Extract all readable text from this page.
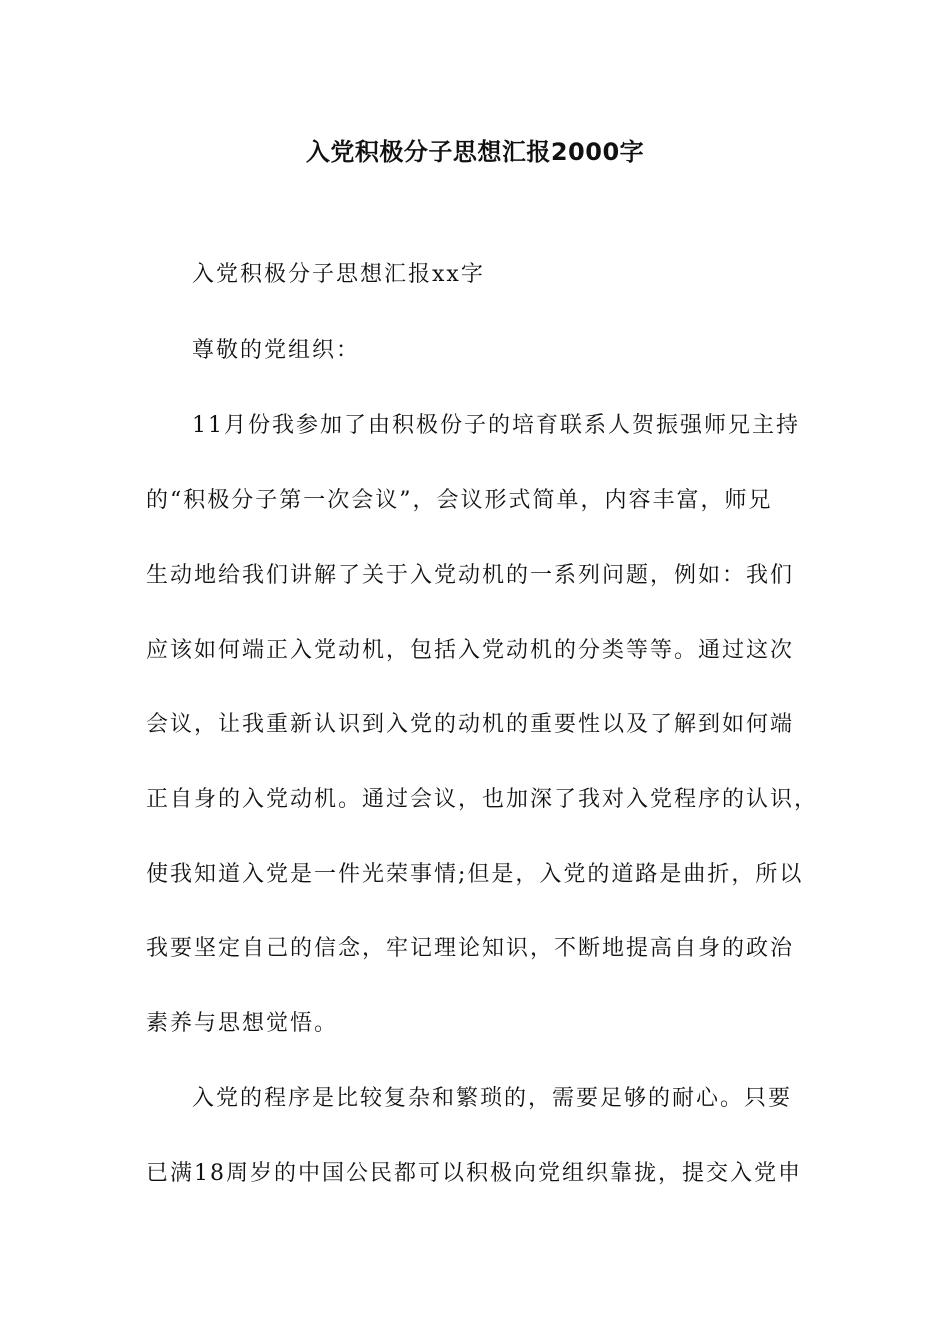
入党积极分子思想汇报2000字
入党积极分子思想汇报xx字
尊敬的党组织：
11月份我参加了由积极份子的培育联系人贺振强师兄主持
的“积极分子第一次会议”，会议形式简单，内容丰富，师兄
生动地给我们讲解了关于入党动机的一系列问题，例如：我们
应该如何端正入党动机，包括入党动机的分类等等。通过这次
会议，让我重新认识到入党的动机的重要性以及了解到如何端
正自身的入党动机。通过会议，也加深了我对入党程序的认识，
使我知道入党是一件光荣事情;但是，入党的道路是曲折，所以
我要坚定自己的信念，牢记理论知识，不断地提高自身的政治
素养与思想觉悟。
入党的程序是比较复杂和繁琐的，需要足够的耐心。只要
已满18周岁的中国公民都可以积极向党组织靠拢，提交入党申
